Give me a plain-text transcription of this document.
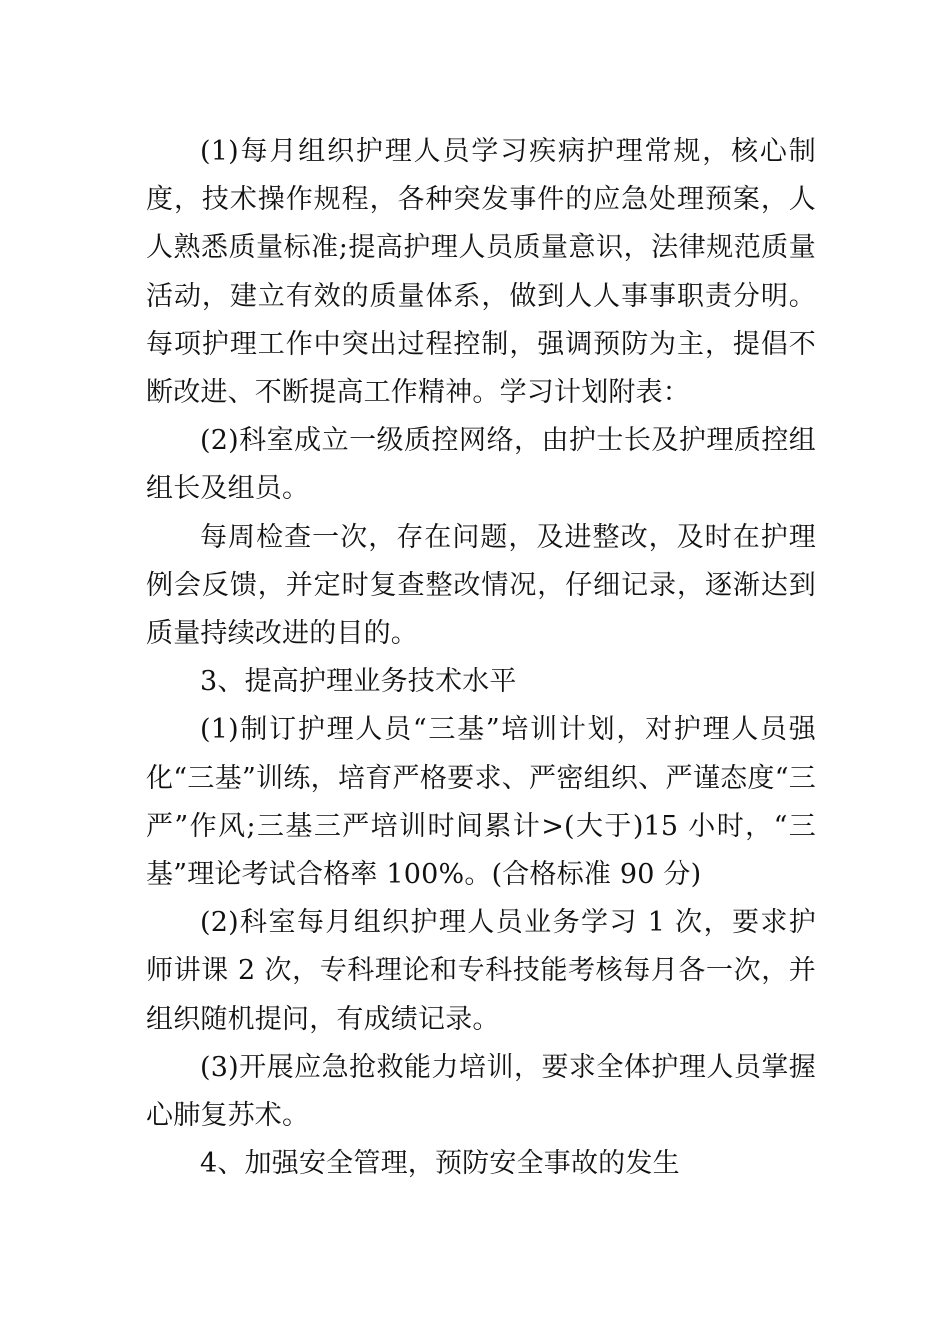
(1)每月组织护理人员学习疾病护理常规，核心制度，技术操作规程，各种突发事件的应急处理预案，人人熟悉质量标准;提高护理人员质量意识，法律规范质量活动，建立有效的质量体系，做到人人事事职责分明。每项护理工作中突出过程控制，强调预防为主，提倡不断改进、不断提高工作精神。学习计划附表：

(2)科室成立一级质控网络，由护士长及护理质控组组长及组员。

每周检查一次，存在问题，及进整改，及时在护理例会反馈，并定时复查整改情况，仔细记录，逐渐达到质量持续改进的目的。

3、提高护理业务技术水平

(1)制订护理人员“三基”培训计划，对护理人员强化“三基”训练，培育严格要求、严密组织、严谨态度“三严”作风;三基三严培训时间累计>(大于)15 小时，“三基”理论考试合格率 100%。(合格标准 90 分)

(2)科室每月组织护理人员业务学习 1 次，要求护师讲课 2 次，专科理论和专科技能考核每月各一次，并组织随机提问，有成绩记录。

(3)开展应急抢救能力培训，要求全体护理人员掌握心肺复苏术。

4、加强安全管理，预防安全事故的发生
